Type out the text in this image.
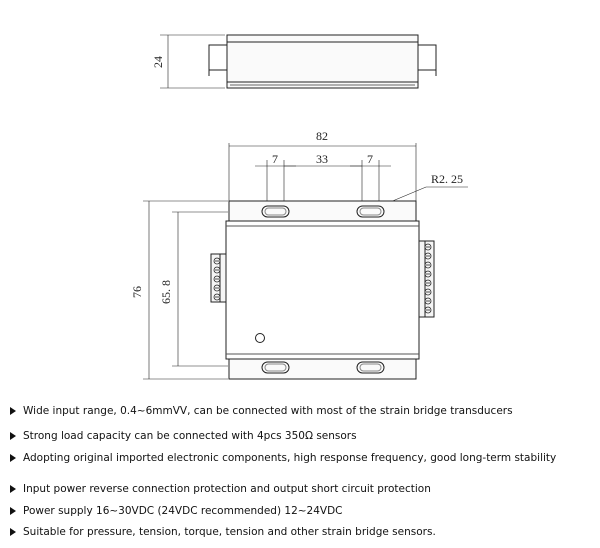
24
82
7	33	7
R2. 25
76 65. 8
Wide input range, 0.4~6mmVV, can be connected with most of the strain bridge transducers
Strong load capacity can be connected with 4pcs 350Ω sensors
Adopting original imported electronic components, high response frequency, good long-term stability
Input power reverse connection protection and output short circuit protection
Power supply 16~30VDC (24VDC recommended) 12~24VDC
Suitable for pressure, tension, torque, tension and other strain bridge sensors.
